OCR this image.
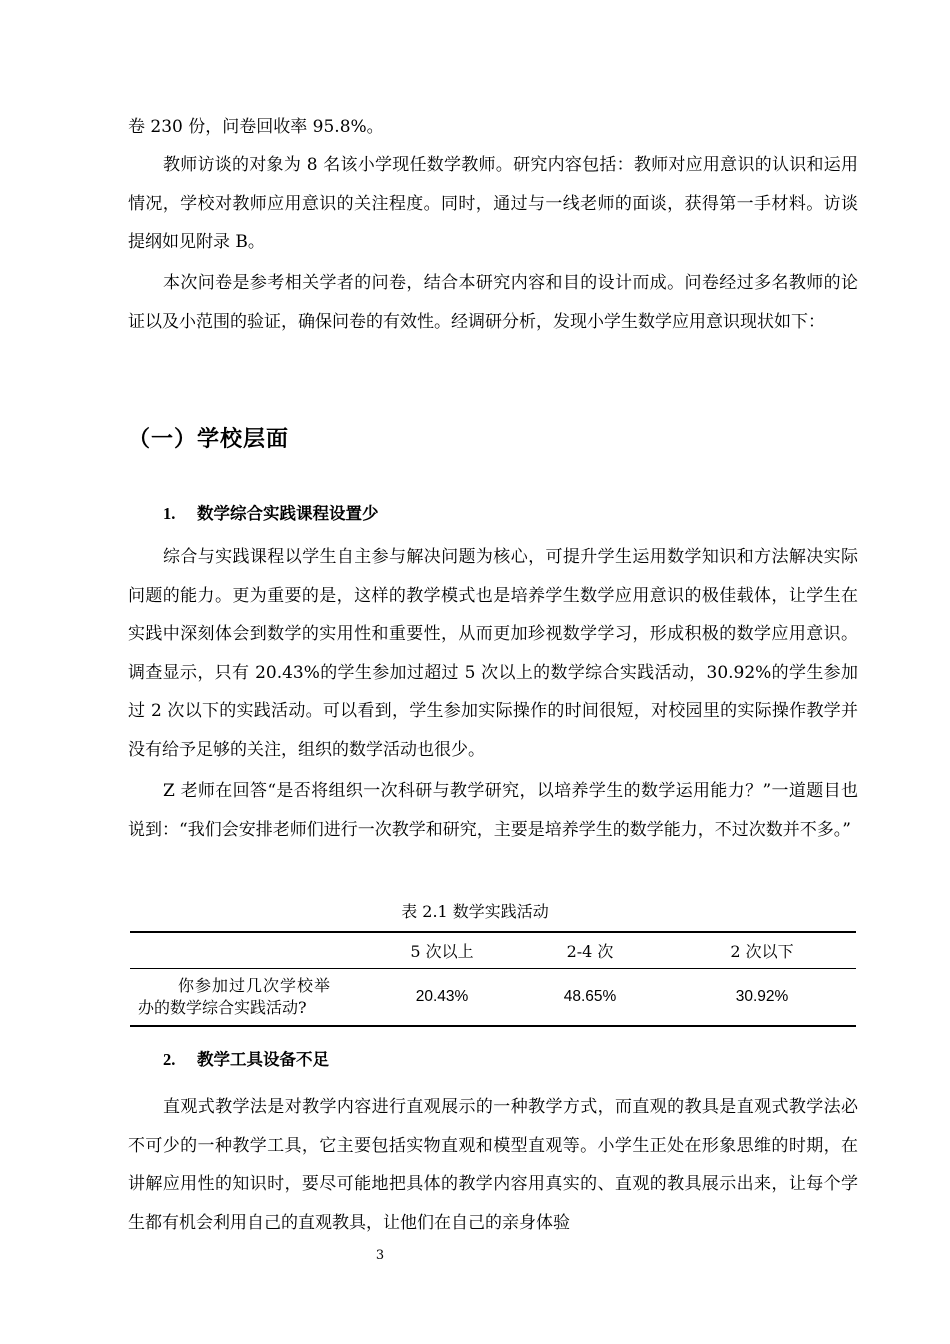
卷 230 份，问卷回收率 95.8%。

教师访谈的对象为 8 名该小学现任数学教师。研究内容包括：教师对应用意识的认识和运用情况，学校对教师应用意识的关注程度。同时，通过与一线老师的面谈，获得第一手材料。访谈提纲如见附录 B。

本次问卷是参考相关学者的问卷，结合本研究内容和目的设计而成。问卷经过多名教师的论证以及小范围的验证，确保问卷的有效性。经调研分析，发现小学生数学应用意识现状如下：

（一）学校层面
1. 数学综合实践课程设置少

综合与实践课程以学生自主参与解决问题为核心，可提升学生运用数学知识和方法解决实际问题的能力。更为重要的是，这样的教学模式也是培养学生数学应用意识的极佳载体，让学生在实践中深刻体会到数学的实用性和重要性，从而更加珍视数学学习，形成积极的数学应用意识。调查显示，只有 20.43%的学生参加过超过 5 次以上的数学综合实践活动，30.92%的学生参加过 2 次以下的实践活动。可以看到，学生参加实际操作的时间很短，对校园里的实际操作教学并没有给予足够的关注，组织的数学活动也很少。

Z 老师在回答“是否将组织一次科研与教学研究，以培养学生的数学运用能力？”一道题目也说到：“我们会安排老师们进行一次教学和研究，主要是培养学生的数学能力，不过次数并不多。”

表 2.1 数学实践活动

	5 次以上	2-4 次	2 次以下

你参加过几次学校举
办的数学综合实践活动?	20.43%	48.65%	30.92%
2. 教学工具设备不足

直观式教学法是对教学内容进行直观展示的一种教学方式，而直观的教具是直观式教学法必不可少的一种教学工具，它主要包括实物直观和模型直观等。小学生正处在形象思维的时期，在讲解应用性的知识时，要尽可能地把具体的教学内容用真实的、直观的教具展示出来，让每个学生都有机会利用自己的直观教具，让他们在自己的亲身体验

3
